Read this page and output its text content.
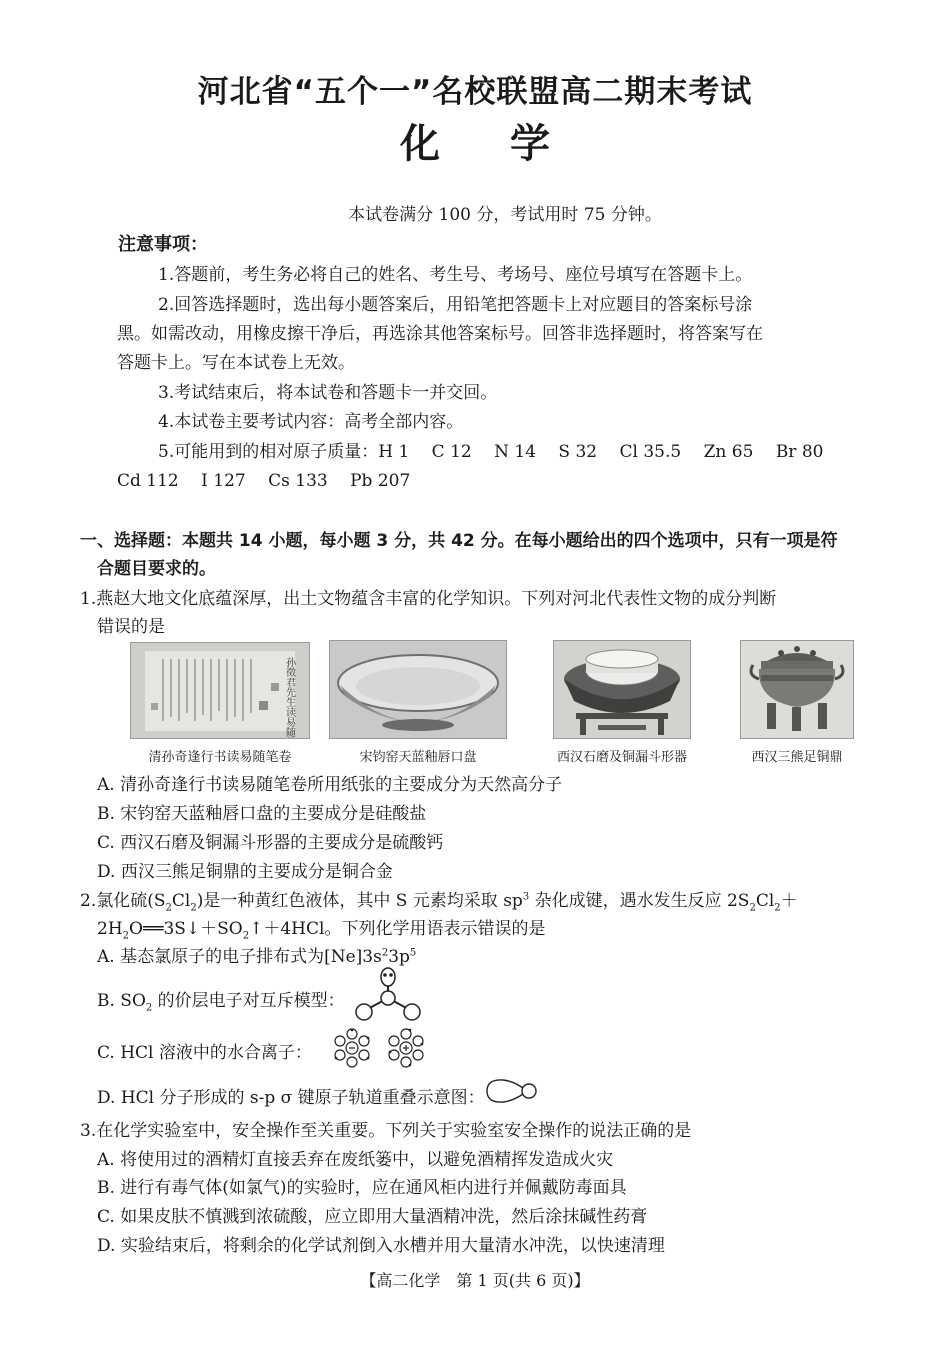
河北省“五个一”名校联盟高二期末考试
化学
本试卷满分 100 分，考试用时 75 分钟。
注意事项：
1.答题前，考生务必将自己的姓名、考生号、考场号、座位号填写在答题卡上。
2.回答选择题时，选出每小题答案后，用铅笔把答题卡上对应题目的答案标号涂
黑。如需改动，用橡皮擦干净后，再选涂其他答案标号。回答非选择题时，将答案写在
答题卡上。写在本试卷上无效。
3.考试结束后，将本试卷和答题卡一并交回。
4.本试卷主要考试内容：高考全部内容。
5.可能用到的相对原子质量：H 1　 C 12　 N 14　 S 32　 Cl 35.5　 Zn 65　 Br 80
Cd 112　 I 127　 Cs 133　 Pb 207
一、选择题：本题共 14 小题，每小题 3 分，共 42 分。在每小题给出的四个选项中，只有一项是符
合题目要求的。
1.燕赵大地文化底蕴深厚，出土文物蕴含丰富的化学知识。下列对河北代表性文物的成分判断
错误的是
孙徵君先生读易随笔
清孙奇逢行书读易随笔卷	宋钧窑天蓝釉唇口盘	西汉石磨及铜漏斗形器	西汉三熊足铜鼎
A. 清孙奇逢行书读易随笔卷所用纸张的主要成分为天然高分子
B. 宋钧窑天蓝釉唇口盘的主要成分是硅酸盐
C. 西汉石磨及铜漏斗形器的主要成分是硫酸钙
D. 西汉三熊足铜鼎的主要成分是铜合金
2.氯化硫$(S_2Cl_2)$是一种黄红色液体，其中 S 元素均采取 $sp^3$ 杂化成键，遇水发生反应 $2S_2Cl_2+$
$2H_2O══3S↓+SO_2↑+4HCl$。下列化学用语表示错误的是
A. 基态氯原子的电子排布式为$[Ne]3s^23p^5$
B. $SO_2$ 的价层电子对互斥模型：
C. HCl 溶液中的水合离子：
D. HCl 分子形成的 s-p σ 键原子轨道重叠示意图：
3.在化学实验室中，安全操作至关重要。下列关于实验室安全操作的说法正确的是
A. 将使用过的酒精灯直接丢弃在废纸篓中，以避免酒精挥发造成火灾
B. 进行有毒气体(如氯气)的实验时，应在通风柜内进行并佩戴防毒面具
C. 如果皮肤不慎溅到浓硫酸，应立即用大量酒精冲洗，然后涂抹碱性药膏
D. 实验结束后，将剩余的化学试剂倒入水槽并用大量清水冲洗，以快速清理
【高二化学　第 1 页(共 6 页)】
